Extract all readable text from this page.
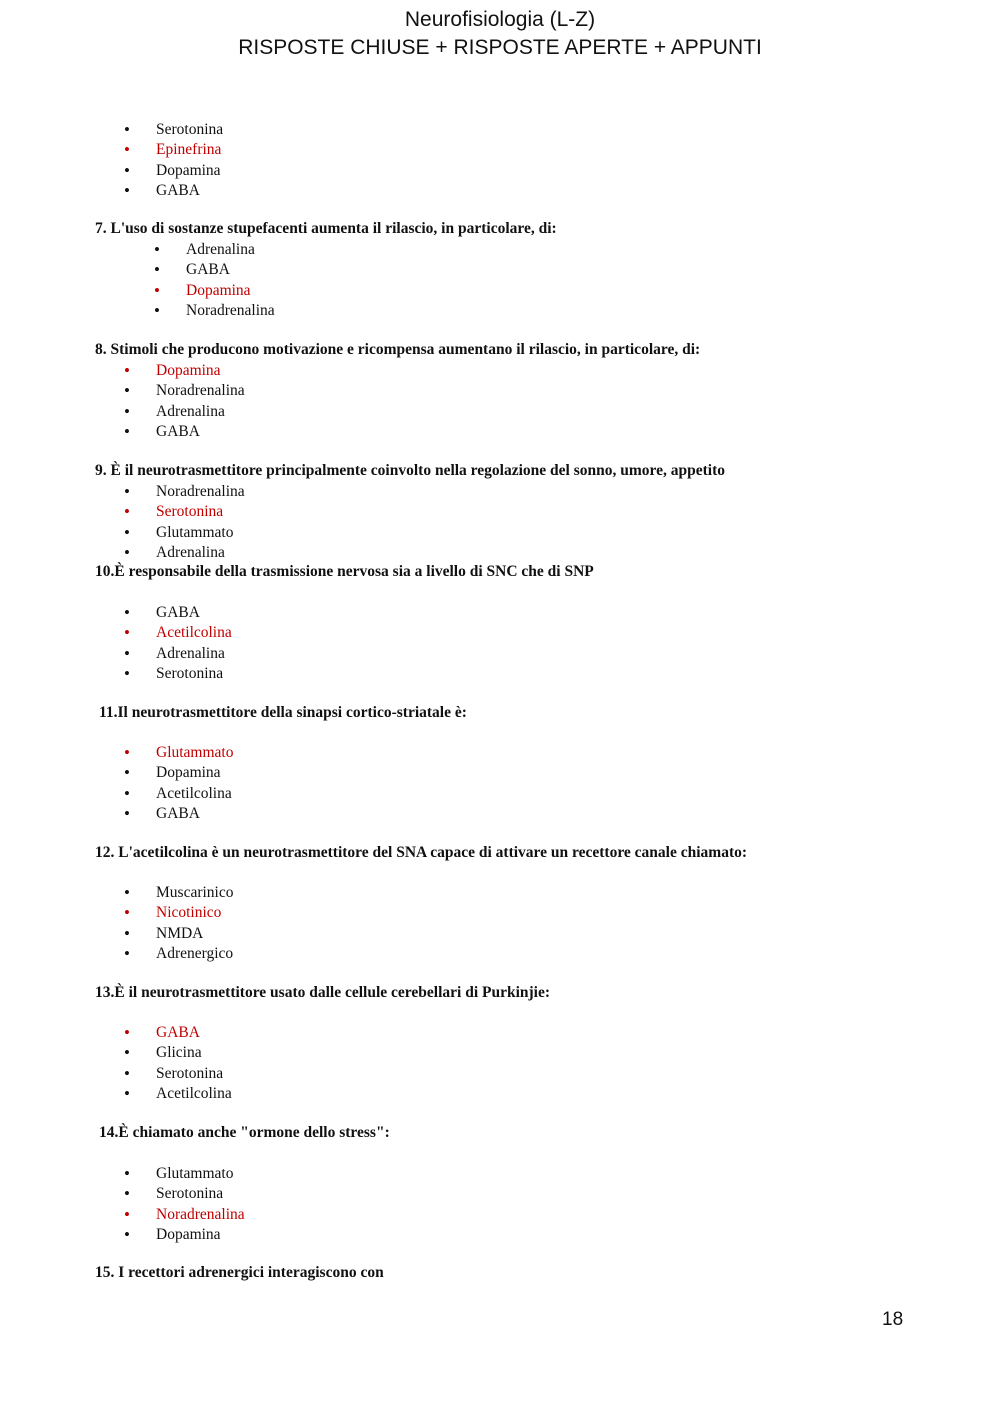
Neurofisiologia (L-Z)
RISPOSTE CHIUSE + RISPOSTE APERTE + APPUNTI
• Serotonina
• Epinefrina
• Dopamina
• GABA
7. L'uso di sostanze stupefacenti aumenta il rilascio, in particolare, di:
• Adrenalina
• GABA
• Dopamina
• Noradrenalina
8. Stimoli che producono motivazione e ricompensa aumentano il rilascio, in particolare, di:
• Dopamina
• Noradrenalina
• Adrenalina
• GABA
9. È il neurotrasmettitore principalmente coinvolto nella regolazione del sonno, umore, appetito
• Noradrenalina
• Serotonina
• Glutammato
• Adrenalina
10.È responsabile della trasmissione nervosa sia a livello di SNC che di SNP
• GABA
• Acetilcolina
• Adrenalina
• Serotonina
11.Il neurotrasmettitore della sinapsi cortico-striatale è:
• Glutammato
• Dopamina
• Acetilcolina
• GABA
12. L'acetilcolina è un neurotrasmettitore del SNA capace di attivare un recettore canale chiamato:
• Muscarinico
• Nicotinico
• NMDA
• Adrenergico
13.È il neurotrasmettitore usato dalle cellule cerebellari di Purkinjie:
• GABA
• Glicina
• Serotonina
• Acetilcolina
14.È chiamato anche "ormone dello stress":
• Glutammato
• Serotonina
• Noradrenalina
• Dopamina
15. I recettori adrenergici interagiscono con
18
